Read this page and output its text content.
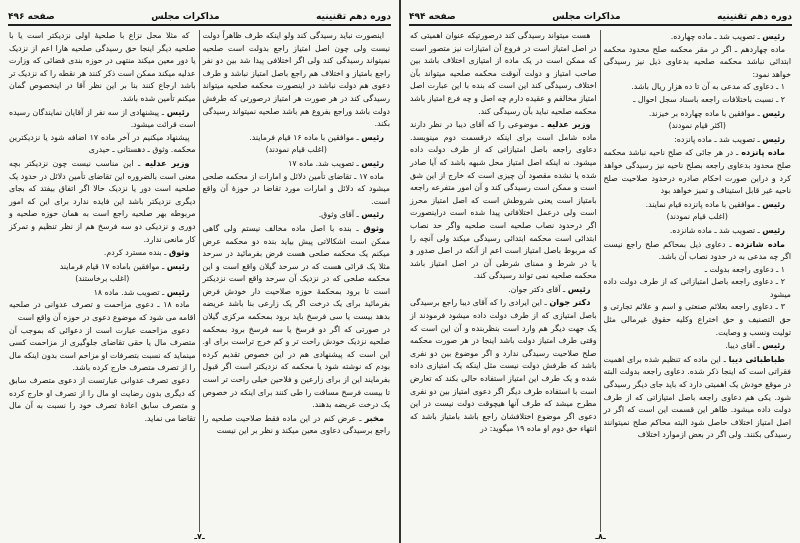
دوره دهم تقنینیه
مذاکرات مجلس
صفحه ۴۹۴

رئیس ـ تصویب شد ـ ماده چهارده.

ماده چهاردهم ـ اگر در مقر محکمه صلح محدود محکمه ابتدائی نباشد محکمه صلحیه بدعاوی ذیل نیز رسیدگی خواهد نمود:

۱ ـ دعاوی که مدعی به آن تا ده هزار ریال باشد.

۲ ـ نسبت باختلافات راجعه باسناد سجل احوال ـ

رئیس ـ موافقین با ماده چهارده بر خیزند.

(اکثر قیام نمودند)

رئیس ـ تصویب شد ـ ماده پانزده:

ماده پانزده ـ در هر جائی که صلح ناحیه نباشد محکمه صلح محدود بدعاوی راجعه بصلح ناحیه نیز رسیدگی خواهد کرد و دراین صورت احکام صادره درحدود صلاحیت صلح ناحیه غیر قابل استیناف و تمیز خواهد بود

رئیس ـ موافقین با ماده پانزده قیام نمایند.

(اغلب قیام نمودند)

رئیس ـ تصویب شد ـ ماده شانزده.

ماده شانزده ـ دعاوی ذیل بمحاکم صلح راجع نیست اگر چه مدعی به در حدود نصاب آن باشد.

۱ ـ دعاوی راجعه بدولت ـ

۲ ـ دعاوی راجعه باصل امتیازاتی که از طرف دولت داده میشود

۳ ـ دعاوی راجعه بعلائم صنعتی و اسم و علائم تجارتی و حق التصنیف و حق اختراع وکلیه حقوق غیرمالی مثل تولیت ونسب و وصایت.

رئیس ـ آقای دیبا.

طباطبائی دیبا ـ این ماده که تنظیم شده برای اهمیت فقراتی است که اینجا ذکر شده. دعاوی راجعه بدولت البته در موقع خودش یک اهمیتی دارد که باید جای دیگر رسیدگی شود. یکی هم دعاوی راجعه باصل امتیازاتی که از طرف دولت داده میشود. ظاهر این قسمت این است که اگر در اصل امتیاز اختلاف حاصل شود البته محاکم صلح نمیتوانند رسیدگی بکنند. ولی اگر در بعض ازموارد اختلاف

هست میتواند رسیدگی کند درصورتیکه عنوان اهمیتی که در اصل امتیاز است در فروع آن امتیازات نیز متصور است که ممکن است در یک ماده از امتیازی اختلاف باشد بین صاحب امتیاز و دولت آنوقت محکمه صلحیه میتواند بآن اختلاف رسیدگی کند این است که بنده با این عبارت اصل امتیاز مخالفم و عقیده دارم چه اصل و چه فرع امتیاز باشد محکمه صلحیه نباید بآن رسیدگی کند.

وزیر عدلیه ـ موضوعی را که آقای دیبا در نظر دارند ماده شامل است برای اینکه درقسمت دوم مینویسد. دعاوی راجعه باصل امتیازاتی که از طرف دولت داده میشود. نه اینکه اصل امتیاز محل شبهه باشد که آیا صادر شده یا نشده مقصود آن چیزی است که خارج از این شق است و ممکن است رسیدگی کند و آن امور متفرعه راجعه بامتیاز است یعنی شروطش است که اصل امتیاز محرز است ولی درعمل اختلافاتی پیدا شده است دراینصورت اگر درحدود نصاب صلحیه است صلحیه واگر حد نصاب ابتدائی است محکمه ابتدائی رسیدگی میکند ولی آنچه را که مربوط باصل امتیاز است اعم از آنکه در اصل صدور و یا در شرط و ممنای شرطی آن در اصل امتیاز باشد محکمه صلحیه نمی تواند رسیدگی کند.

رئیس ـ آقای دکتر جوان.

دکتر جوان ـ این ایرادی را که آقای دیبا راجع برسیدگی باصل امتیازی که از طرف دولت داده میشود فرمودند از یک جهت دیگر هم وارد است بنظربنده و آن این است که وقتی طرف امتیاز دولت باشد اینجا در هر صورت محکمه صلح صلاحیت رسیدگی ندارد و اگر موضوع بین دو نفری باشد که طرفش دولت نیست مثل اینکه یک امتیازی داده شده و یک طرف این امتیاز استفاده حالی بکند که تعارض است با استفاده طرف دیگر اگر دعوی امتیاز بین دو نفری مطرح میشد که طرف آنها هیچوقت دولت نیست در این دعوی اگر موضوع اختلافشان راجع باشد بامتیاز باشد که انتهاء حق دوم او ماده ۱۹ میگوید: در

ـ۸ـ
دوره دهم تقنینیه
مذاکرات مجلس
صفحه ۴۹۶

اینصورت نباید رسیدگی کند ولو اینکه طرف ظاهراً دولت نیست ولی چون اصل امتیاز راجع بدولت است صلحیه نمیتواند رسیدگی کند ولی اگر اختلافی پیدا شد بین دو نفر راجع بامتیاز و اختلاف هم راجع باصل امتیاز نباشد و طرف دعوی هم دولت نباشد در اینصورت محکمه صلحیه میتواند رسیدگی کند در هر صورت هر امتیاز درصورتی که طرفش دولت باشد وراجع بفروع هم باشد صلحیه نمیتواند رسیدگی بکند.

رئیس ـ موافقین با ماده ۱۶ قیام فرمایند.

(اغلب قیام نمودند)

رئیس ـ تصویب شد. ماده ۱۷

ماده ۱۷ ـ تقاضای تأمین دلائل و امارات از محکمه صلحی میشود که دلائل و امارات مورد تقاضا در حوزهٔ آن واقع است.

رئیس ـ آقای وثوق.

وثوق ـ بنده با اصل ماده مخالف نیستم ولی گاهی ممکن است اشکالاتی پیش بیاید بنده دو محکمه عرض میکنم یک محکمه صلحی هست فرض بفرمائید در سرحد مثلا یک قرائی هست که در سرحد گیلان واقع است و این محکمه صلحی که در نزدیک آن سرحد واقع است نزدیکتر است تا برود بمحکمهٔ حوزه صلاحیت دار خودش فرض بفرمائید برای یک درخت اگر یک زارعی بنا باشد عریضه بدهد بیست یا سی فرسخ باید برود بمحکمه مرکزی گیلان در صورتی که اگر دو فرسخ یا سه فرسخ برود بمحکمه صلحیه نزدیک خودش راحت تر و کم خرج تراست برای او. این است که پیشنهادی هم در این خصوص تقدیم کرده بودم که نوشته شود یا محکمه که نزدیکتر است اگر قبول بفرمایند این از برای زارعین و فلاحین خیلی راحت تر است تا بیست فرسخ مسافت را طی کنند برای اینکه در خصوص یک درخت عریضه بدهند.

مخبر ـ عرض کنم در این ماده فقط صلاحیت صلحیه را راجع برسیدگی دعاوی معین میکند و نظر بر این نیست

که مثلا محل نزاع با صلحیهٔ اولی نزدیکتر است یا با صلحیه دیگر اینجا حق رسیدگی صلحیه هارا اعم از نزدیک یا دور معین میکند منتهی در حوزه بندی قضائی که وزارت عدلیه میکند ممکن است ذکر کنند هر نقطه را که نزدیک تر باشد ارجاع کنند بنا بر این نظر آقا در اینخصوص گمان میکنم تأمین شده باشد.

رئیس ـ پیشنهادی از سه نفر از آقایان نمایندگان رسیده است قرائت میشود.

پیشنهاد میکنیم در آخر ماده ۱۷ اضافه شود یا نزدیکترین محکمه. وثوق ـ دهستانی ـ حیدری

وزیر عدلیه ـ این مناسب نیست چون نزدیکتر بچه معنی است بالضروره این تقاضای تأمین دلائل در حدود یک صلحیه است دور یا نزدیک حالا اگر اتفاق بیفتد که بجای دیگری نزدیکتر باشد این فایده ندارد برای این که امور مربوطه بهر صلحیه راجع است به همان حوزه صلحیه و دوری و نزدیکی دو سه فرسخ هم از نظر تنظیم و تمرکز کار مانعی ندارد.

وثوق ـ بنده مسترد کردم.

رئیس ـ موافقین باماده ۱۷ قیام فرمایند

(اغلب برخاستند)

رئیس ـ تصویب شد. ماده ۱۸

ماده ۱۸ ـ دعوی مزاحمت و تصرف عدوانی در صلحیه اقامه می شود که موضوع دعوی در حوزه آن واقع است

دعوی مزاحمت عبارت است از دعوائی که بموجب آن متصرف مال یا حقی تقاضای جلوگیری از مزاحمت کسی مینماید که نسبت بتصرفات او مزاحم است بدون اینکه مال را از تصرف متصرف خارج کرده باشد.

دعوی تصرف عدوانی عبارتست از دعوی متصرف سابق که دیگری بدون رضایت او مال را از تصرف او خارج کرده و متصرف سابق اعادهٔ تصرف خود را نسبت به آن مال تقاضا می نماید.

ـ۷ـ
